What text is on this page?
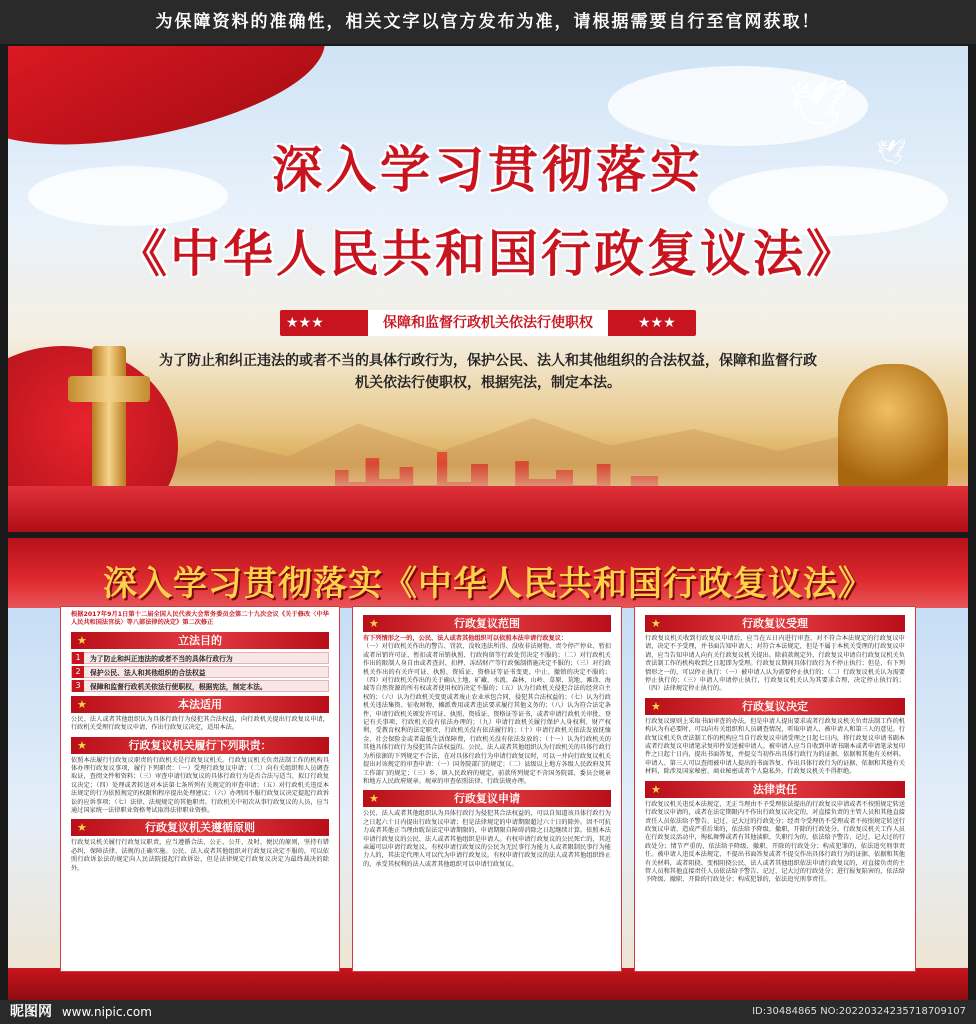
为保障资料的准确性，相关文字以官方发布为准，请根据需要自行至官网获取！
🕊
🕊
深入学习贯彻落实
《中华人民共和国行政复议法》
★★★	保障和监督行政机关依法行使职权	★★★
为了防止和纠正违法的或者不当的具体行政行为，保护公民、法人和其他组织的合法权益，保障和监督行政机关依法行使职权，根据宪法，制定本法。
深入学习贯彻落实《中华人民共和国行政复议法》
根据2017年9月1日第十二届全国人民代表大会常务委员会第二十九次会议《关于修改〈中华人民共和国法官法〉等八部法律的决定》第二次修正
★	立法目的
1	为了防止和纠正违法的或者不当的具体行政行为
2	保护公民、法人和其他组织的合法权益
3	保障和监督行政机关依法行使职权，根据宪法，制定本法。
★	本法适用
公民、法人或者其他组织认为具体行政行为侵犯其合法权益，向行政机关提出行政复议申请，行政机关受理行政复议申请、作出行政复议决定，适用本法。
★	行政复议机关履行下列职责：
依照本法履行行政复议职责的行政机关是行政复议机关。行政复议机关负责法制工作的机构具体办理行政复议事项，履行下列职责：（一）受理行政复议申请；（二）向有关组织和人员调查取证，查阅文件和资料；（三）审查申请行政复议的具体行政行为是否合法与适当，拟订行政复议决定；（四）处理或者转送对本法第七条所列有关规定的审查申请；（五）对行政机关违反本法规定的行为依照规定的权限和程序提出处理建议；（六）办理因不服行政复议决定提起行政诉讼的应诉事项；（七）法律、法规规定的其他职责。行政机关中初次从事行政复议的人员，应当通过国家统一法律职业资格考试取得法律职业资格。
★	行政复议机关遵循原则
行政复议机关履行行政复议职责，应当遵循合法、公正、公开、及时、便民的原则，坚持有错必纠，保障法律、法规的正确实施。公民、法人或者其他组织对行政复议决定不服的，可以依照行政诉讼法的规定向人民法院提起行政诉讼，但是法律规定行政复议决定为最终裁决的除外。
★	行政复议范围
有下列情形之一的，公民、法人或者其他组织可以依照本法申请行政复议：
（一）对行政机关作出的警告、罚款、没收违法所得、没收非法财物、责令停产停业、暂扣或者吊销许可证、暂扣或者吊销执照、行政拘留等行政处罚决定不服的；（二）对行政机关作出的限制人身自由或者查封、扣押、冻结财产等行政强制措施决定不服的；（三）对行政机关作出的有关许可证、执照、资质证、资格证等证书变更、中止、撤销的决定不服的；（四）对行政机关作出的关于确认土地、矿藏、水流、森林、山岭、草原、荒地、滩涂、海域等自然资源的所有权或者使用权的决定不服的；（五）认为行政机关侵犯合法的经营自主权的；（六）认为行政机关变更或者废止农业承包合同，侵犯其合法权益的；（七）认为行政机关违法集资、征收财物、摊派费用或者违法要求履行其他义务的；（八）认为符合法定条件，申请行政机关颁发许可证、执照、资质证、资格证等证书，或者申请行政机关审批、登记有关事项，行政机关没有依法办理的；（九）申请行政机关履行保护人身权利、财产权利、受教育权利的法定职责，行政机关没有依法履行的；（十）申请行政机关依法发放抚恤金、社会保险金或者最低生活保障费，行政机关没有依法发放的；（十一）认为行政机关的其他具体行政行为侵犯其合法权益的。公民、法人或者其他组织认为行政机关的具体行政行为所依据的下列规定不合法，在对具体行政行为申请行政复议时，可以一并向行政复议机关提出对该规定的审查申请：（一）国务院部门的规定；（二）县级以上地方各级人民政府及其工作部门的规定；（三）乡、镇人民政府的规定。前款所列规定不含国务院部、委员会规章和地方人民政府规章。规章的审查依照法律、行政法规办理。
★	行政复议申请
公民、法人或者其他组织认为具体行政行为侵犯其合法权益的，可以自知道该具体行政行为之日起六十日内提出行政复议申请；但是法律规定的申请期限超过六十日的除外。因不可抗力或者其他正当理由耽误法定申请期限的，申请期限自障碍消除之日起继续计算。依照本法申请行政复议的公民、法人或者其他组织是申请人。有权申请行政复议的公民死亡的，其近亲属可以申请行政复议。有权申请行政复议的公民为无民事行为能力人或者限制民事行为能力人的，其法定代理人可以代为申请行政复议。有权申请行政复议的法人或者其他组织终止的，承受其权利的法人或者其他组织可以申请行政复议。
★	行政复议受理
行政复议机关收到行政复议申请后，应当在五日内进行审查，对不符合本法规定的行政复议申请，决定不予受理，并书面告知申请人；对符合本法规定，但是不属于本机关受理的行政复议申请，应当告知申请人向有关行政复议机关提出。除前款规定外，行政复议申请自行政复议机关负责法制工作的机构收到之日起即为受理。行政复议期间具体行政行为不停止执行；但是，有下列情形之一的，可以停止执行：（一）被申请人认为需要停止执行的；（二）行政复议机关认为需要停止执行的；（三）申请人申请停止执行，行政复议机关认为其要求合理，决定停止执行的；（四）法律规定停止执行的。
★	行政复议决定
行政复议原则上采取书面审查的办法，但是申请人提出要求或者行政复议机关负责法制工作的机构认为有必要时，可以向有关组织和人员调查情况，听取申请人、被申请人和第三人的意见。行政复议机关负责法制工作的机构应当自行政复议申请受理之日起七日内，将行政复议申请书副本或者行政复议申请笔录复印件发送被申请人。被申请人应当自收到申请书副本或者申请笔录复印件之日起十日内，提出书面答复，并提交当初作出具体行政行为的证据、依据和其他有关材料。申请人、第三人可以查阅被申请人提出的书面答复、作出具体行政行为的证据、依据和其他有关材料，除涉及国家秘密、商业秘密或者个人隐私外，行政复议机关不得拒绝。
★	法律责任
行政复议机关违反本法规定，无正当理由不予受理依法提出的行政复议申请或者不按照规定转送行政复议申请的，或者在法定期限内不作出行政复议决定的，对直接负责的主管人员和其他直接责任人员依法给予警告、记过、记大过的行政处分；经责令受理仍不受理或者不按照规定转送行政复议申请，造成严重后果的，依法给予降级、撤职、开除的行政处分。行政复议机关工作人员在行政复议活动中，徇私舞弊或者有其他渎职、失职行为的，依法给予警告、记过、记大过的行政处分；情节严重的，依法给予降级、撤职、开除的行政处分；构成犯罪的，依法追究刑事责任。被申请人违反本法规定，不提出书面答复或者不提交作出具体行政行为的证据、依据和其他有关材料，或者阻挠、变相阻挠公民、法人或者其他组织依法申请行政复议的，对直接负责的主管人员和其他直接责任人员依法给予警告、记过、记大过的行政处分；进行报复陷害的，依法给予降级、撤职、开除的行政处分；构成犯罪的，依法追究刑事责任。
昵图网 www.nipic.com	ID:30484865 NO:20220324235718709107
